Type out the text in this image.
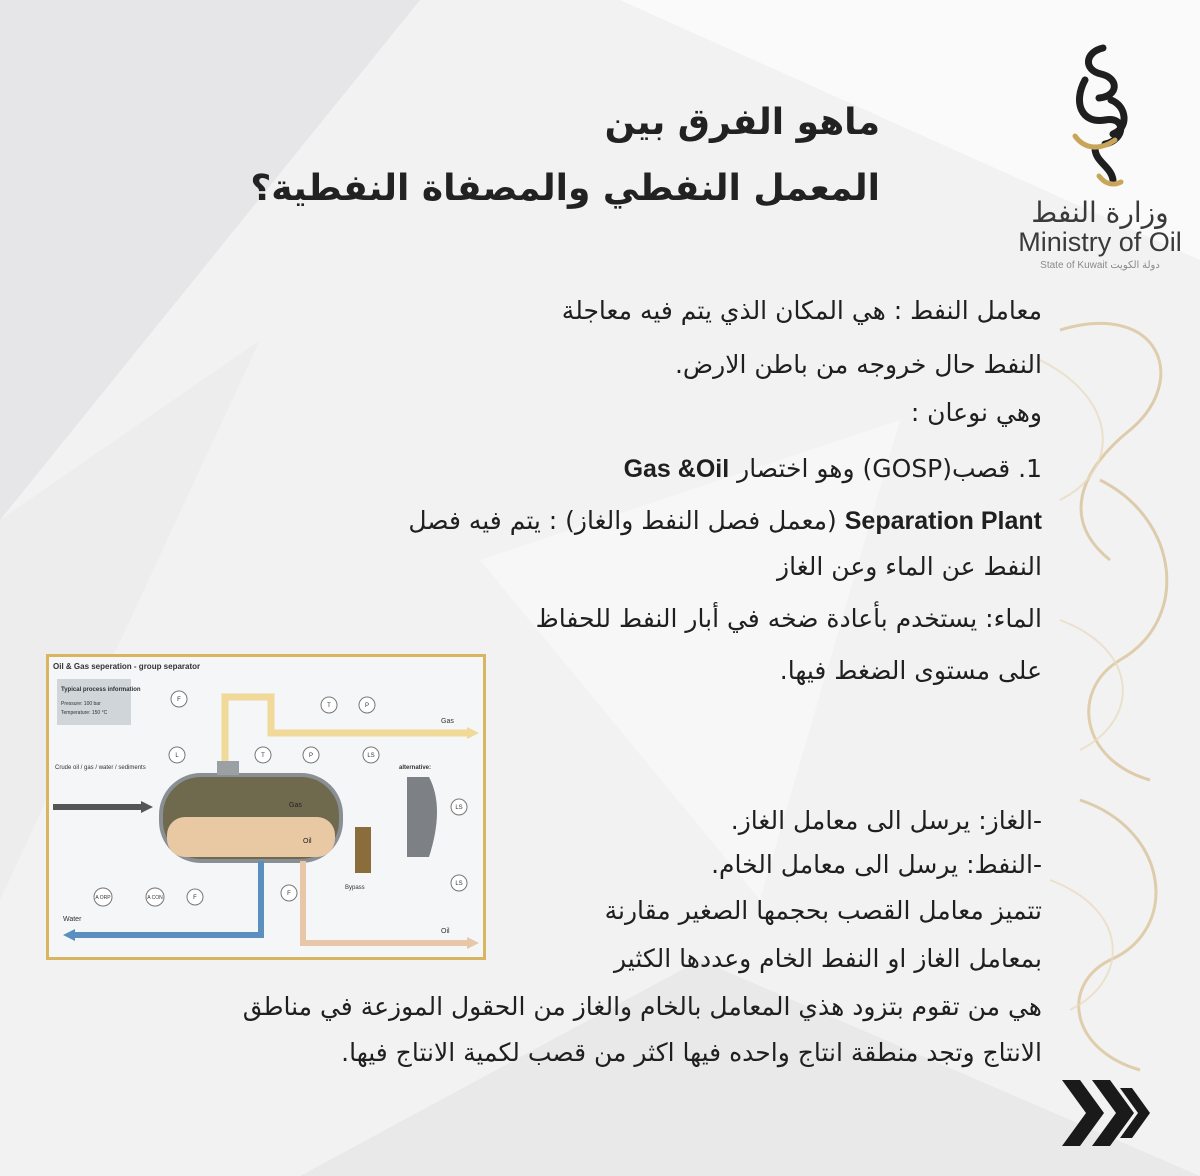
وزارة النفط
Ministry of Oil
State of Kuwait دولة الكويت
ماهو الفرق بين
المعمل النفطي والمصفاة النفطية؟
معامل النفط : هي المكان الذي يتم فيه معاجلة
النفط حال خروجه من باطن الارض.
وهي نوعان :
1. قصب(GOSP) وهو اختصار Gas &Oil
Separation Plant (معمل فصل النفط والغاز) : يتم فيه فصل
النفط عن الماء وعن الغاز
الماء: يستخدم بأعادة ضخه في أبار النفط للحفاظ
على مستوى الضغط فيها.
-الغاز: يرسل الى معامل الغاز.
-النفط: يرسل الى معامل الخام.
تتميز معامل القصب بحجمها الصغير مقارنة
بمعامل الغاز او النفط الخام وعددها الكثير
هي من تقوم بتزود هذي المعامل بالخام والغاز من الحقول الموزعة في مناطق
الانتاج وتجد منطقة انتاج واحده فيها اكثر من قصب لكمية الانتاج فيها.
Oil & Gas seperation - group separator
Typical process information
Pressure: 100 bar
Temperature: 150 °C
Gas
Crude oil / gas / water / sediments
Gas
Oil
alternative:
Bypass
Water
Oil
F
T	P
L	T	P	LS
LS
LS
A ORP	A CON	F
F
